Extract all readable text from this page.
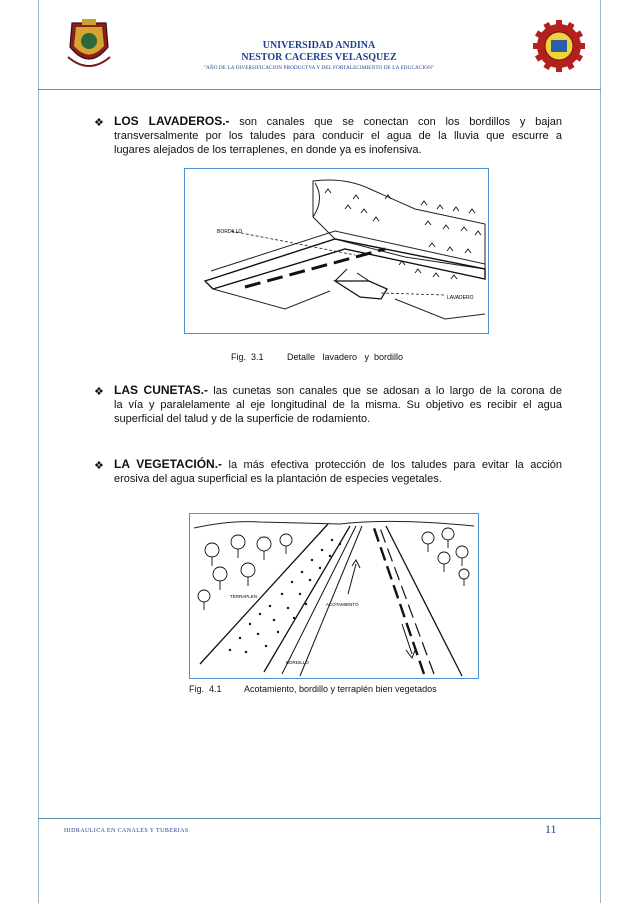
UNIVERSIDAD ANDINA
NESTOR CACERES VELASQUEZ
"AÑO DE LA DIVERSIFICACION PRODUCTVA Y DEL FORTALECIMIENTO DE LA EDUCACION"
❖ LOS LAVADEROS.- son canales que se conectan con los bordillos y bajan
transversalmente por los taludes para conducir el agua de la lluvia que escurre a
lugares alejados de los terraplenes, en donde ya es inofensiva.
BORDILLO
LAVADERO
Fig.  3.1	Detalle   lavadero   y  bordillo
❖ LAS CUNETAS.- las cunetas son canales que se adosan a lo largo de la corona de
la vía y paralelamente al eje longitudinal de la misma. Su objetivo es recibir el agua
superficial del talud y de la superficie de rodamiento.
❖ LA VEGETACIÓN.- la más efectiva protección de los taludes para evitar la acción
erosiva del agua superficial es la plantación de especies vegetales.
TERRAPLEN
ACOTAMIENTO
BORDILLO
Fig.  4.1 Acotamiento, bordillo y terraplén bien vegetados
HIDRAULICA EN CANALES Y TUBERIAS	11
